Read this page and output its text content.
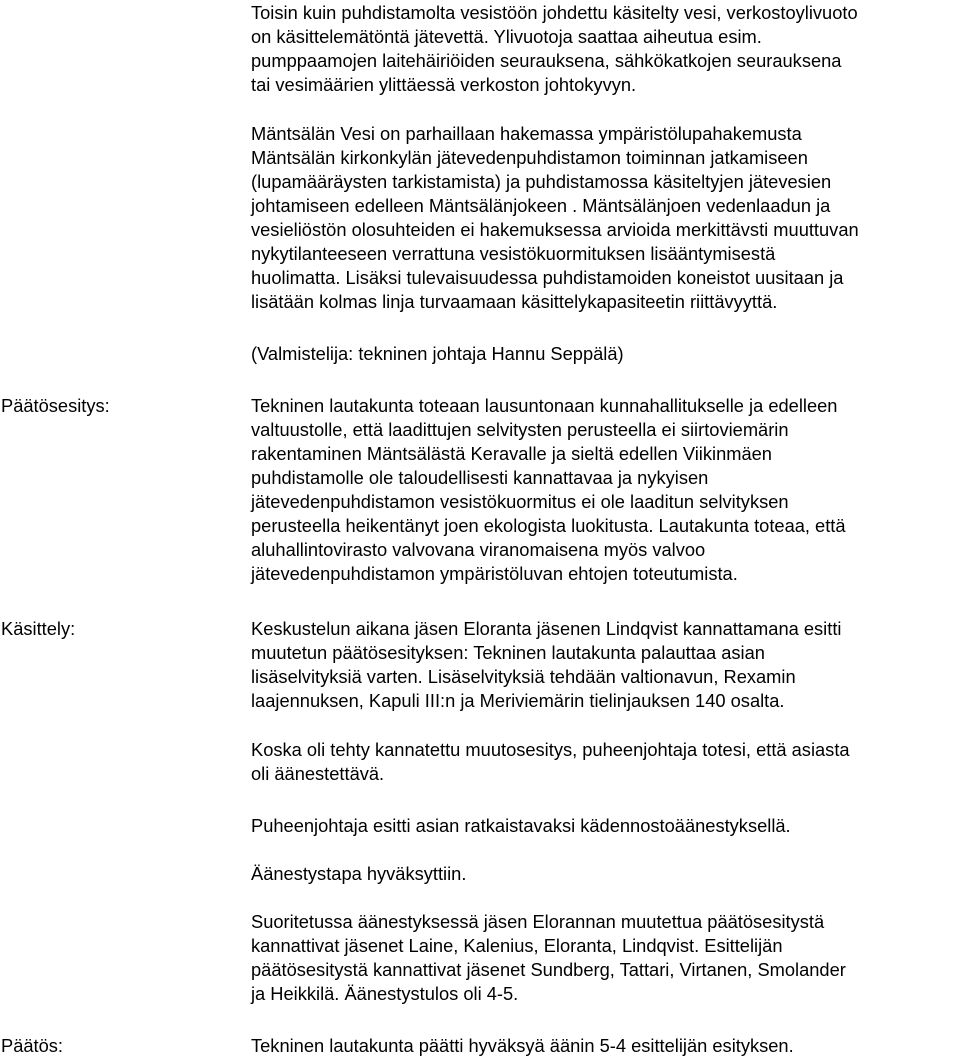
Toisin kuin puhdistamolta vesistöön johdettu käsitelty vesi, verkostoylivuoto

on käsittelemätöntä jätevettä. Ylivuotoja saattaa aiheutua esim.

pumppaamojen laitehäiriöiden seurauksena, sähkökatkojen seurauksena

tai vesimäärien ylittäessä verkoston johtokyvyn.

Mäntsälän Vesi on parhaillaan hakemassa ympäristölupahakemusta

Mäntsälän kirkonkylän jätevedenpuhdistamon toiminnan jatkamiseen

(lupamääräysten tarkistamista) ja puhdistamossa käsiteltyjen jätevesien

johtamiseen edelleen Mäntsälänjokeen . Mäntsälänjoen vedenlaadun ja

vesieliöstön olosuhteiden ei hakemuksessa arvioida merkittävsti muuttuvan

nykytilanteeseen verrattuna vesistökuormituksen lisääntymisestä

huolimatta. Lisäksi tulevaisuudessa puhdistamoiden koneistot uusitaan ja

lisätään kolmas linja turvaamaan käsittelykapasiteetin riittävyyttä.

(Valmistelija: tekninen johtaja Hannu Seppälä)

Päätösesitys:	Tekninen lautakunta toteaan lausuntonaan kunnahallitukselle ja edelleen

valtuustolle, että laadittujen selvitysten perusteella ei siirtoviemärin

rakentaminen Mäntsälästä Keravalle ja sieltä edellen Viikinmäen

puhdistamolle ole taloudellisesti kannattavaa ja nykyisen

jätevedenpuhdistamon vesistökuormitus ei ole laaditun selvityksen

perusteella heikentänyt joen ekologista luokitusta. Lautakunta toteaa, että

aluhallintovirasto valvovana viranomaisena myös valvoo

jätevedenpuhdistamon ympäristöluvan ehtojen toteutumista.

Käsittely:	Keskustelun aikana jäsen Eloranta jäsenen Lindqvist kannattamana esitti

muutetun päätösesityksen: Tekninen lautakunta palauttaa asian

lisäselvityksiä varten. Lisäselvityksiä tehdään valtionavun, Rexamin

laajennuksen, Kapuli III:n ja Meriviemärin tielinjauksen 140 osalta.

Koska oli tehty kannatettu muutosesitys, puheenjohtaja totesi, että asiasta

oli äänestettävä.

Puheenjohtaja esitti asian ratkaistavaksi kädennostoäänestyksellä.

Äänestystapa hyväksyttiin.

Suoritetussa äänestyksessä jäsen Elorannan muutettua päätösesitystä

kannattivat jäsenet Laine, Kalenius, Eloranta, Lindqvist. Esittelijän

päätösesitystä kannattivat jäsenet Sundberg, Tattari, Virtanen, Smolander

ja Heikkilä. Äänestystulos oli 4-5.

Päätös:	Tekninen lautakunta päätti hyväksyä äänin 5-4 esittelijän esityksen.
